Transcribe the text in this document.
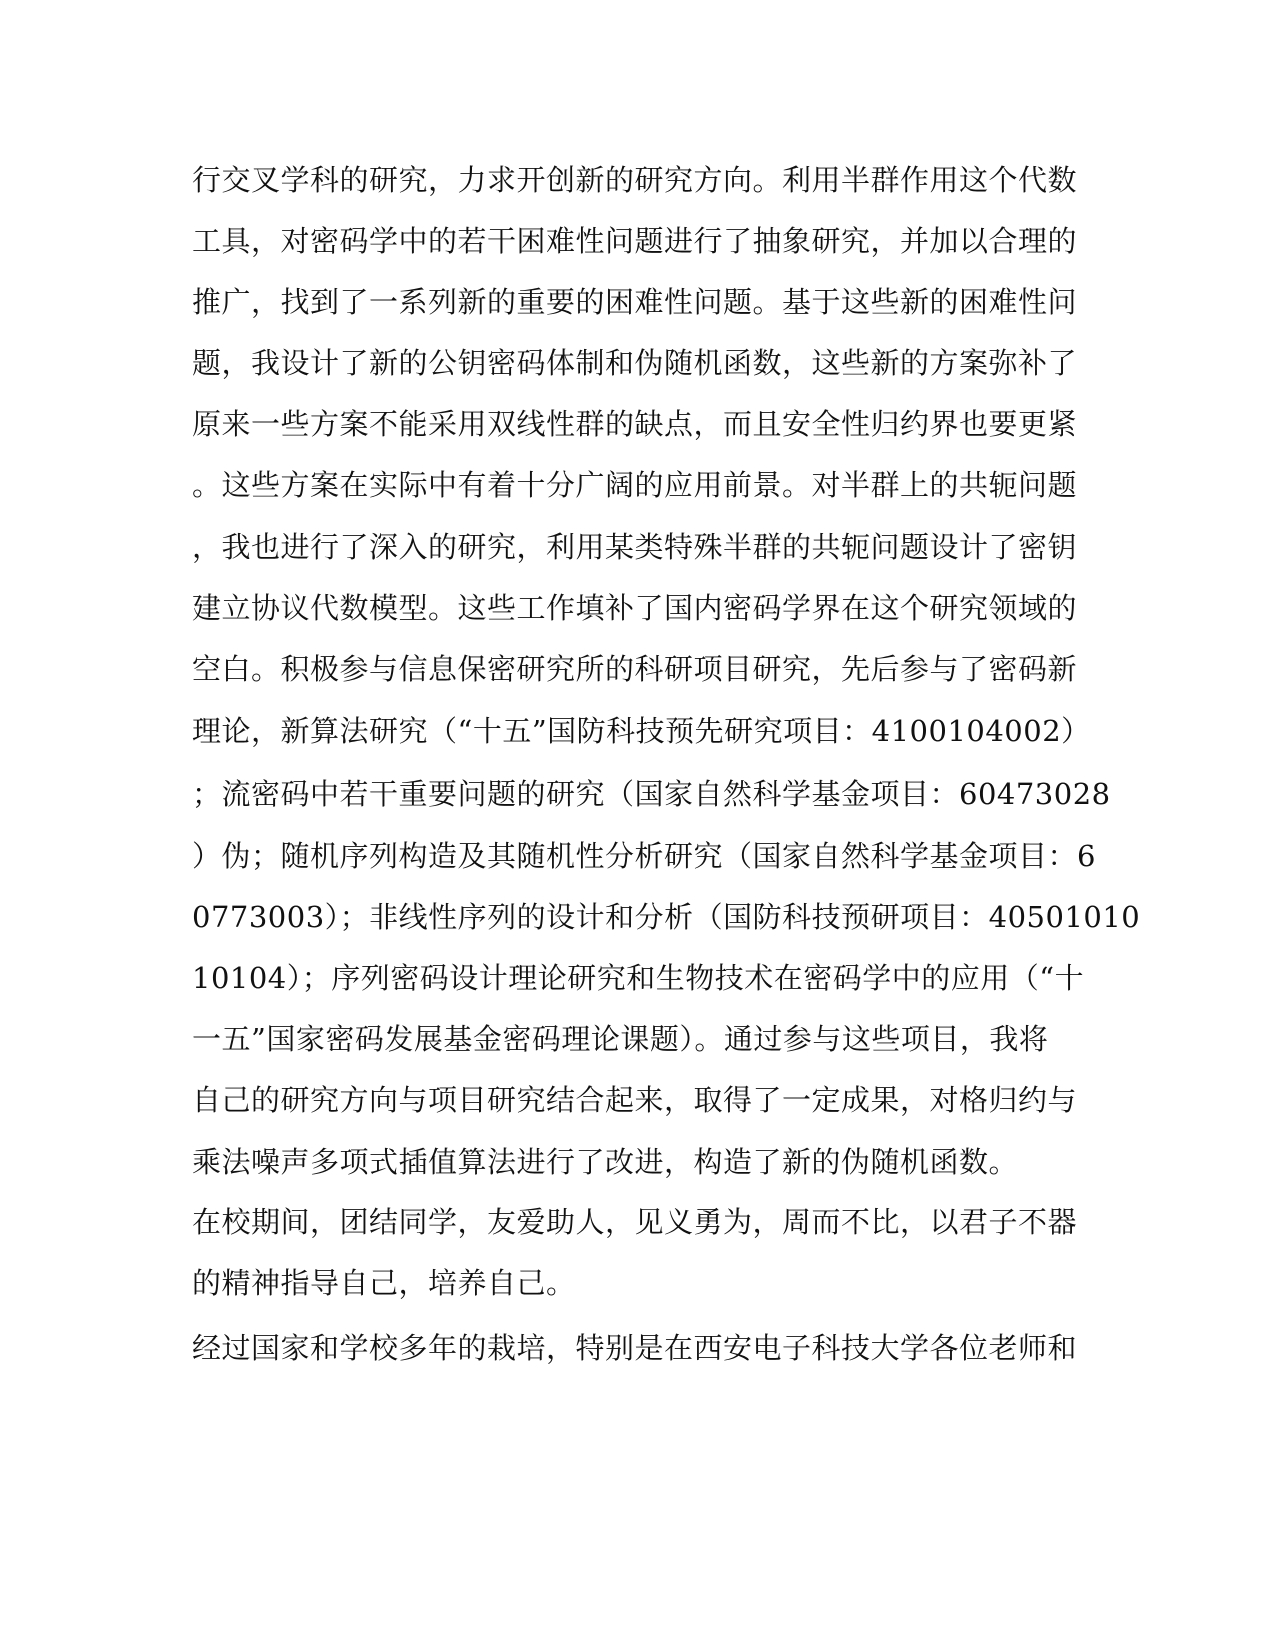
行交叉学科的研究，力求开创新的研究方向。利用半群作用这个代数
工具，对密码学中的若干困难性问题进行了抽象研究，并加以合理的
推广，找到了一系列新的重要的困难性问题。基于这些新的困难性问
题，我设计了新的公钥密码体制和伪随机函数，这些新的方案弥补了
原来一些方案不能采用双线性群的缺点，而且安全性归约界也要更紧
。这些方案在实际中有着十分广阔的应用前景。对半群上的共轭问题
，我也进行了深入的研究，利用某类特殊半群的共轭问题设计了密钥
建立协议代数模型。这些工作填补了国内密码学界在这个研究领域的
空白。积极参与信息保密研究所的科研项目研究，先后参与了密码新
理论，新算法研究（“十五”国防科技预先研究项目：4100104002）
；流密码中若干重要问题的研究（国家自然科学基金项目：60473028
）伪；随机序列构造及其随机性分析研究（国家自然科学基金项目：6
0773003）；非线性序列的设计和分析（国防科技预研项目：40501010
10104）；序列密码设计理论研究和生物技术在密码学中的应用（“十
一五”国家密码发展基金密码理论课题）。通过参与这些项目，我将
自己的研究方向与项目研究结合起来，取得了一定成果，对格归约与
乘法噪声多项式插值算法进行了改进，构造了新的伪随机函数。
在校期间，团结同学，友爱助人，见义勇为，周而不比，以君子不器
的精神指导自己，培养自己。
经过国家和学校多年的栽培，特别是在西安电子科技大学各位老师和
